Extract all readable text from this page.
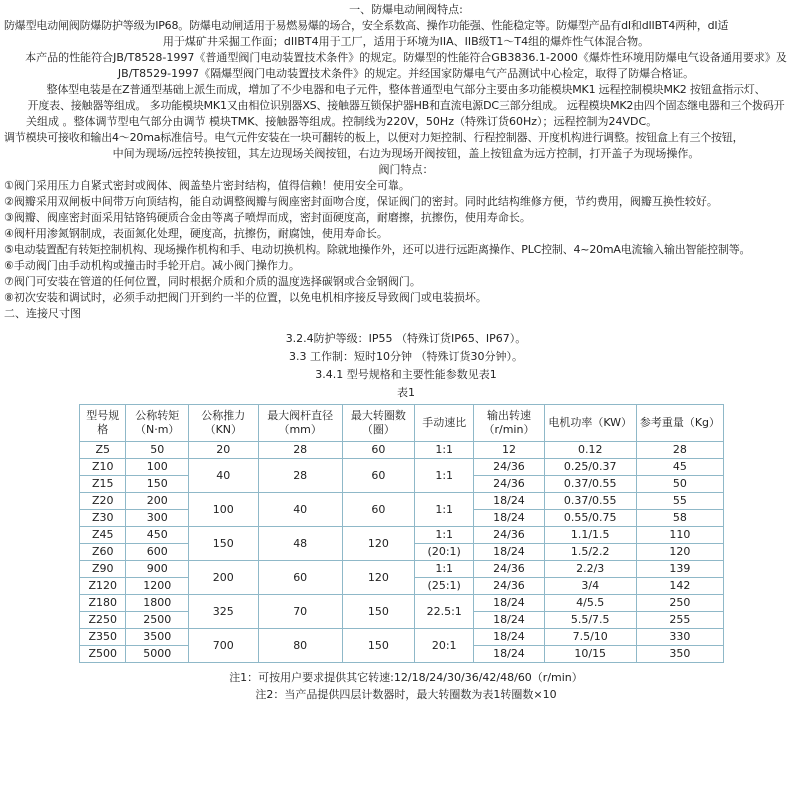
一、防爆电动闸阀特点:

防爆型电动闸阀防爆防护等级为IP68。防爆电动闸适用于易燃易爆的场合，安全系数高、操作功能强、性能稳定等。防爆型产品有dI和dIIBT4两种，dI适

用于煤矿井采掘工作面；dIIBT4用于工厂，适用于环境为IIA、IIB级T1～T4组的爆炸性气体混合物。

本产品的性能符合JB/T8528-1997《普通型阀门电动装置技术条件》的规定。防爆型的性能符合GB3836.1-2000《爆炸性环境用防爆电气设备通用要求》及

JB/T8529-1997《隔爆型阀门电动装置技术条件》的规定。并经国家防爆电气产品测试中心检定，取得了防爆合格证。

整体型电装是在Z普通型基础上派生而成，增加了不少电器和电子元件，整体普通型电气部分主要由多功能模块MK1 远程控制模块MK2 按钮盒指示灯、

开度表、接触器等组成。 多功能模块MK1又由相位识别器XS、接触器互锁保护器HB和直流电源DC三部分组成。 远程模块MK2由四个固态继电器和三个拨码开

关组成 。整体调节型电气部分由调节 模块TMK、接触器等组成。控制线为220V，50Hz（特殊订货60Hz）；远程控制为24VDC。

调节模块可接收和输出4～20ma标准信号。电气元件安装在一块可翻转的板上，以便对力矩控制、行程控制器、开度机构进行调整。按钮盒上有三个按钮，

中间为现场/远控转换按钮，其左边现场关阀按钮，右边为现场开阀按钮，盖上按钮盒为远方控制，打开盖子为现场操作。

阀门特点：

①阀门采用压力自紧式密封或阀体、阀盖垫片密封结构，值得信赖！使用安全可靠。

②阀瓣采用双闸板中间带万向顶结构，能自动调整阀瓣与阀座密封面吻合度，保证阀门的密封。同时此结构维修方便，节约费用，阀瓣互换性较好。

③阀瓣、阀座密封面采用钴铬钨硬质合金由等离子喷焊而成，密封面硬度高，耐磨擦，抗擦伤，使用寿命长。

④阀杆用渗氮钢制成，表面氮化处理，硬度高，抗擦伤，耐腐蚀，使用寿命长。

⑤电动装置配有转矩控制机构、现场操作机构和手、电动切换机构。除就地操作外，还可以进行远距离操作、PLC控制、4~20mA电流输入输出智能控制等。

⑥手动阀门由手动机构或撞击时手轮开启。减小阀门操作力。

⑦阀门可安装在管道的任何位置，同时根据介质和介质的温度选择碳钢或合金钢阀门。

⑧初次安装和调试时，必须手动把阀门开到约一半的位置，以免电机相序接反导致阀门或电装损坏。

二、连接尺寸图

3.2.4防护等级：IP55 （特殊订货IP65、IP67）。

3.3 工作制：短时10分钟 （特殊订货30分钟）。

3.4.1 型号规格和主要性能参数见表1

表1

型号规格	公称转矩（N·m）	公称推力（KN）	最大阀杆直径（mm）	最大转圈数（圈）	手动速比	输出转速（r/min）	电机功率（KW）	参考重量（Kg）
Z5	50	20	28	60	1:1	12	0.12	28
Z10	100	40	28	60	1:1	24/36	0.25/0.37	45
Z15	150					24/36	0.37/0.55	50
Z20	200	100	40	60	1:1	18/24	0.37/0.55	55
Z30	300					18/24	0.55/0.75	58
Z45	450	150	48	120	1:1	24/36	1.1/1.5	110
Z60	600				(20:1)	18/24	1.5/2.2	120
Z90	900	200	60	120	1:1	24/36	2.2/3	139
Z120	1200				(25:1)	24/36	3/4	142
Z180	1800	325	70	150	22.5:1	18/24	4/5.5	250
Z250	2500					18/24	5.5/7.5	255
Z350	3500	700	80	150	20:1	18/24	7.5/10	330
Z500	5000					18/24	10/15	350

注1：可按用户要求提供其它转速:12/18/24/30/36/42/48/60（r/min）

注2：当产品提供四层计数器时，最大转圈数为表1转圈数×10
